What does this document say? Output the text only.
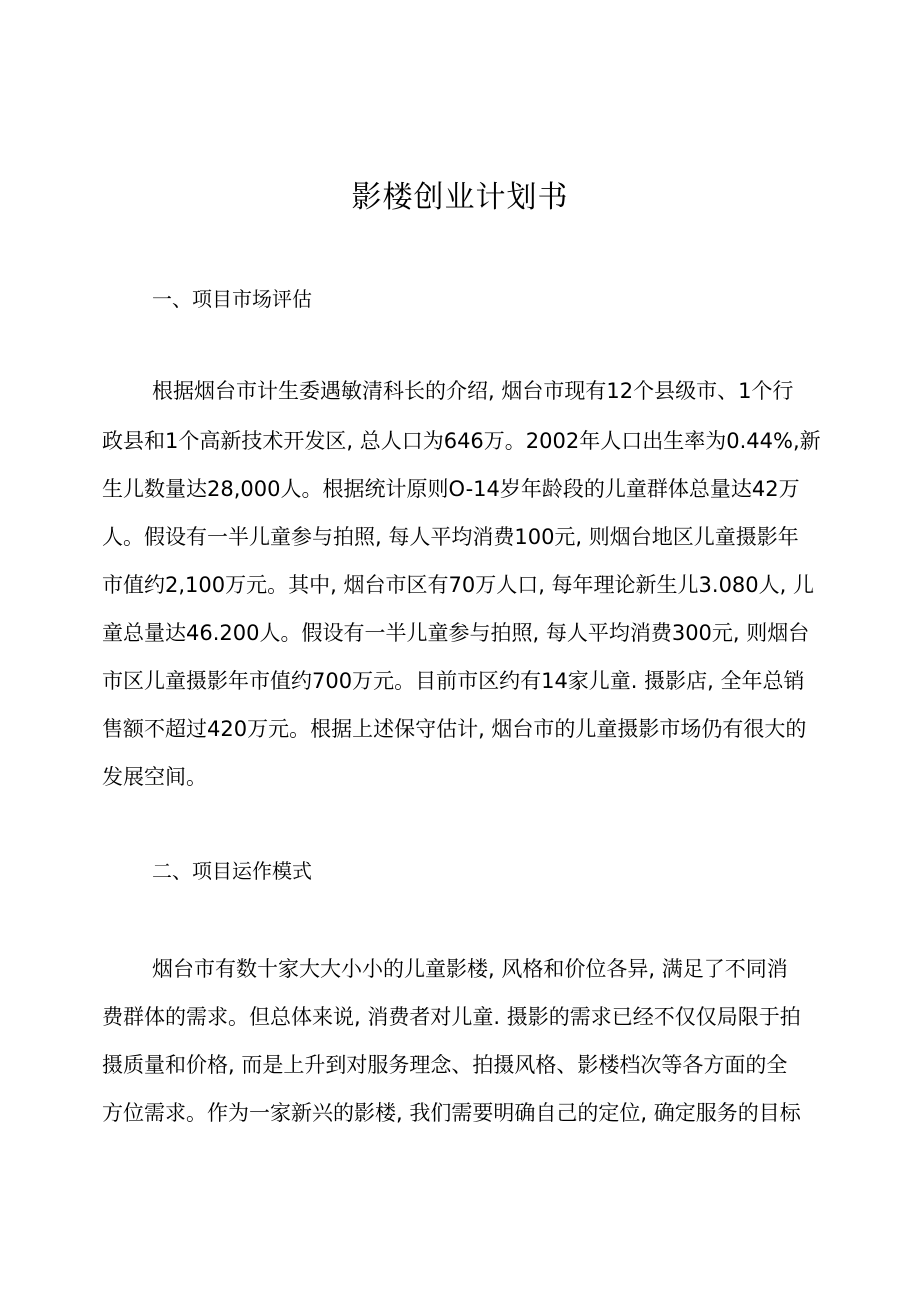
影楼创业计划书
一、项目市场评估

根据烟台市计生委遇敏清科长的介绍, 烟台市现有12个县级市、1个行

政县和1个高新技术开发区, 总人口为646万。2002年人口出生率为0.44%,新

生儿数量达28,000人。根据统计原则O-14岁年龄段的儿童群体总量达42万

人。假设有一半儿童参与拍照, 每人平均消费100元, 则烟台地区儿童摄影年

市值约2,100万元。其中, 烟台市区有70万人口, 每年理论新生儿3.080人, 儿

童总量达46.200人。假设有一半儿童参与拍照, 每人平均消费300元, 则烟台

市区儿童摄影年市值约700万元。目前市区约有14家儿童. 摄影店, 全年总销

售额不超过420万元。根据上述保守估计, 烟台市的儿童摄影市场仍有很大的

发展空间。

二、项目运作模式

烟台市有数十家大大小小的儿童影楼, 风格和价位各异, 满足了不同消

费群体的需求。但总体来说, 消费者对儿童. 摄影的需求已经不仅仅局限于拍

摄质量和价格, 而是上升到对服务理念、拍摄风格、影楼档次等各方面的全

方位需求。作为一家新兴的影楼, 我们需要明确自己的定位, 确定服务的目标
